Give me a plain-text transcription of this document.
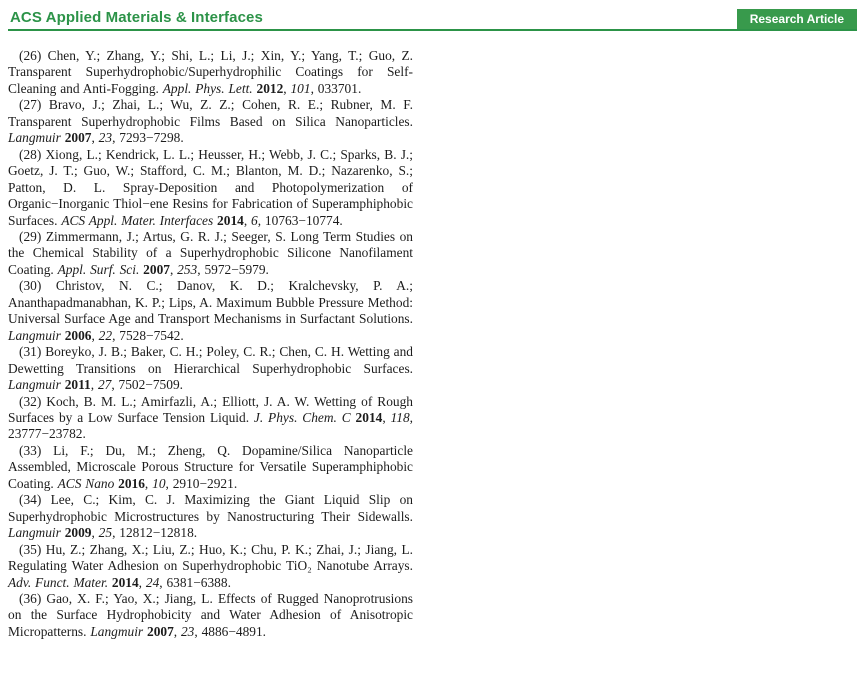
ACS Applied Materials & Interfaces	Research Article

(26) Chen, Y.; Zhang, Y.; Shi, L.; Li, J.; Xin, Y.; Yang, T.; Guo, Z. Transparent Superhydrophobic/Superhydrophilic Coatings for Self-Cleaning and Anti-Fogging. Appl. Phys. Lett. 2012, 101, 033701.

(27) Bravo, J.; Zhai, L.; Wu, Z. Z.; Cohen, R. E.; Rubner, M. F. Transparent Superhydrophobic Films Based on Silica Nanoparticles. Langmuir 2007, 23, 7293−7298.

(28) Xiong, L.; Kendrick, L. L.; Heusser, H.; Webb, J. C.; Sparks, B. J.; Goetz, J. T.; Guo, W.; Stafford, C. M.; Blanton, M. D.; Nazarenko, S.; Patton, D. L. Spray-Deposition and Photopolymerization of Organic−Inorganic Thiol−ene Resins for Fabrication of Superamphiphobic Surfaces. ACS Appl. Mater. Interfaces 2014, 6, 10763−10774.

(29) Zimmermann, J.; Artus, G. R. J.; Seeger, S. Long Term Studies on the Chemical Stability of a Superhydrophobic Silicone Nanofilament Coating. Appl. Surf. Sci. 2007, 253, 5972−5979.

(30) Christov, N. C.; Danov, K. D.; Kralchevsky, P. A.; Ananthapadmanabhan, K. P.; Lips, A. Maximum Bubble Pressure Method: Universal Surface Age and Transport Mechanisms in Surfactant Solutions. Langmuir 2006, 22, 7528−7542.

(31) Boreyko, J. B.; Baker, C. H.; Poley, C. R.; Chen, C. H. Wetting and Dewetting Transitions on Hierarchical Superhydrophobic Surfaces. Langmuir 2011, 27, 7502−7509.

(32) Koch, B. M. L.; Amirfazli, A.; Elliott, J. A. W. Wetting of Rough Surfaces by a Low Surface Tension Liquid. J. Phys. Chem. C 2014, 118, 23777−23782.

(33) Li, F.; Du, M.; Zheng, Q. Dopamine/Silica Nanoparticle Assembled, Microscale Porous Structure for Versatile Superamphiphobic Coating. ACS Nano 2016, 10, 2910−2921.

(34) Lee, C.; Kim, C. J. Maximizing the Giant Liquid Slip on Superhydrophobic Microstructures by Nanostructuring Their Sidewalls. Langmuir 2009, 25, 12812−12818.

(35) Hu, Z.; Zhang, X.; Liu, Z.; Huo, K.; Chu, P. K.; Zhai, J.; Jiang, L. Regulating Water Adhesion on Superhydrophobic TiO₂ Nanotube Arrays. Adv. Funct. Mater. 2014, 24, 6381−6388.

(36) Gao, X. F.; Yao, X.; Jiang, L. Effects of Rugged Nanoprotrusions on the Surface Hydrophobicity and Water Adhesion of Anisotropic Micropatterns. Langmuir 2007, 23, 4886−4891.
